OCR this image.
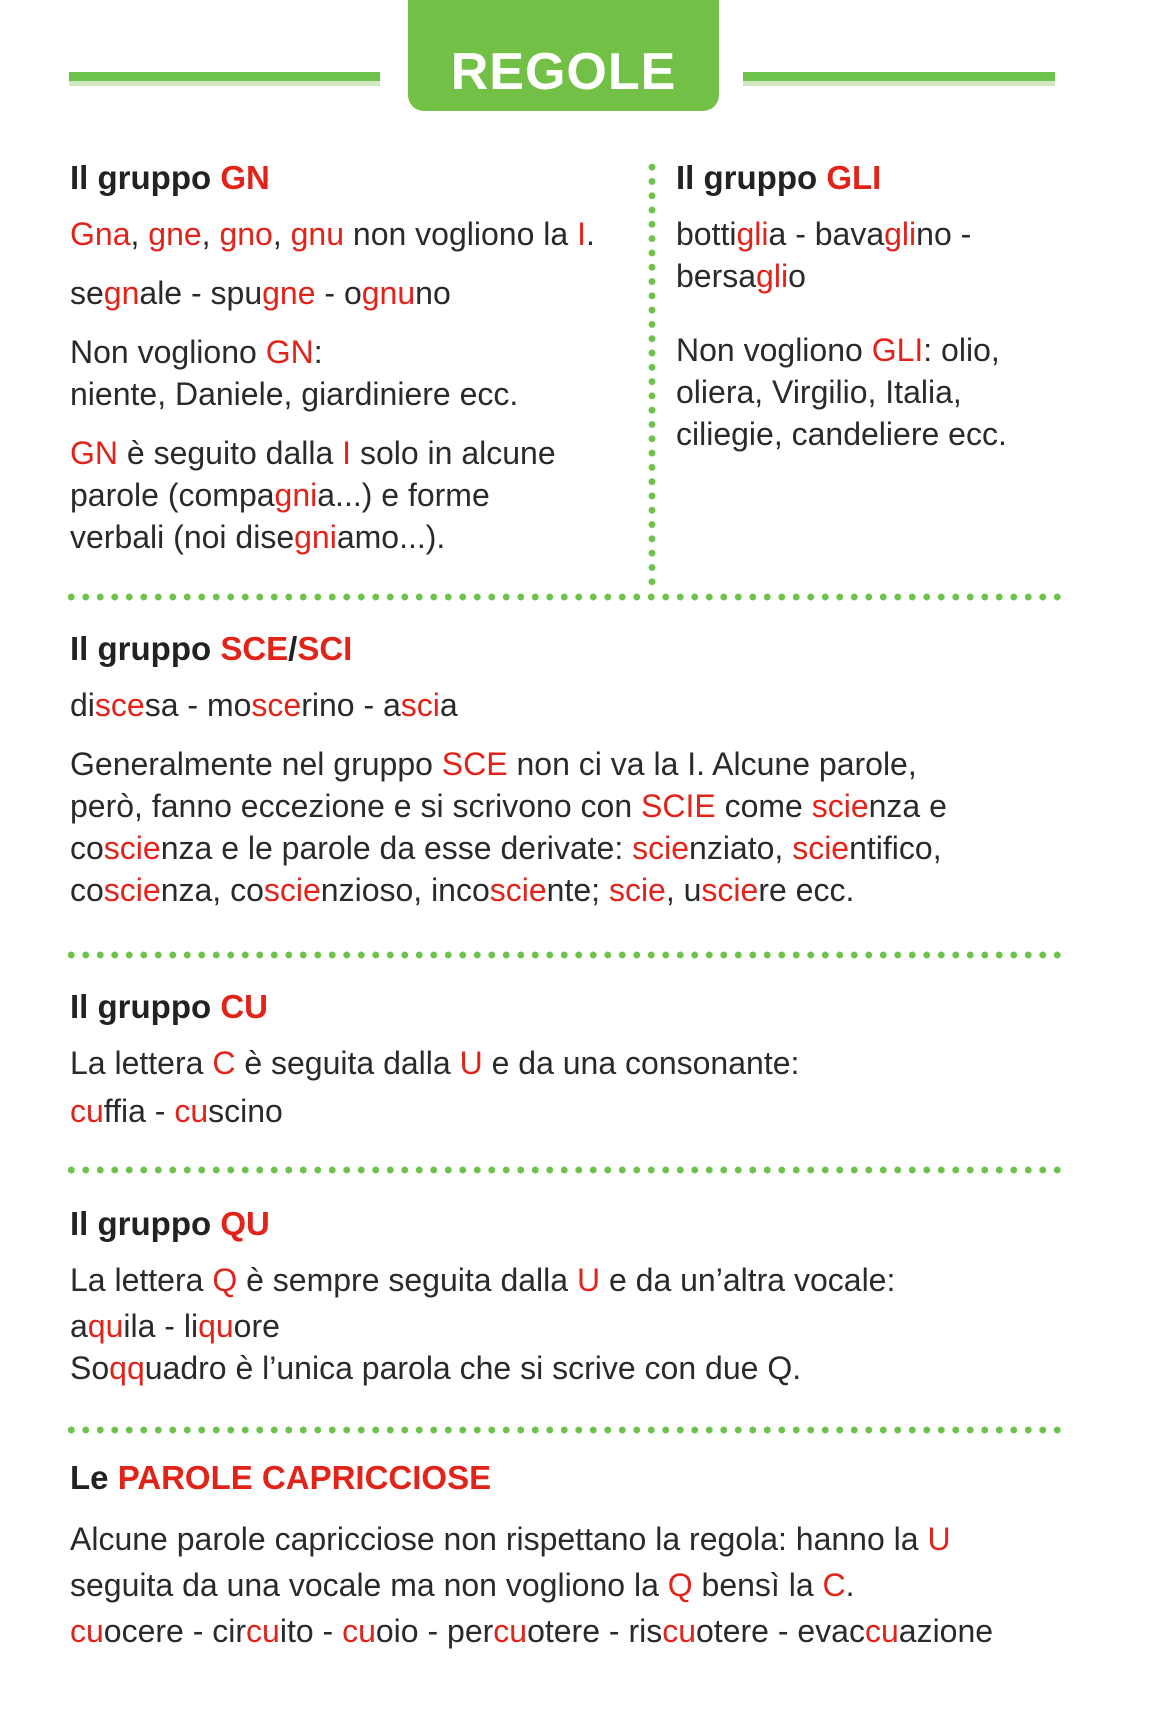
REGOLE
Il gruppo GN
Gna, gne, gno, gnu non vogliono la I.
segnale - spugne - ognuno
Non vogliono GN:
niente, Daniele, giardiniere ecc.
GN è seguito dalla I solo in alcune
parole (compagnia...) e forme
verbali (noi disegniamo...).
Il gruppo GLI
bottiglia - bavaglino -
bersaglio
Non vogliono GLI: olio,
oliera, Virgilio, Italia,
ciliegie, candeliere ecc.
Il gruppo SCE/SCI
discesa - moscerino - ascia
Generalmente nel gruppo SCE non ci va la I. Alcune parole,
però, fanno eccezione e si scrivono con SCIE come scienza e
coscienza e le parole da esse derivate: scienziato, scientifico,
coscienza, coscienzioso, incosciente; scie, usciere ecc.
Il gruppo CU
La lettera C è seguita dalla U e da una consonante:
cuffia - cuscino
Il gruppo QU
La lettera Q è sempre seguita dalla U e da un’altra vocale:
aquila - liquore
Soqquadro è l’unica parola che si scrive con due Q.
Le PAROLE CAPRICCIOSE
Alcune parole capricciose non rispettano la regola: hanno la U
seguita da una vocale ma non vogliono la Q bensì la C.
cuocere - circuito - cuoio - percuotere - riscuotere - evaccuazione
